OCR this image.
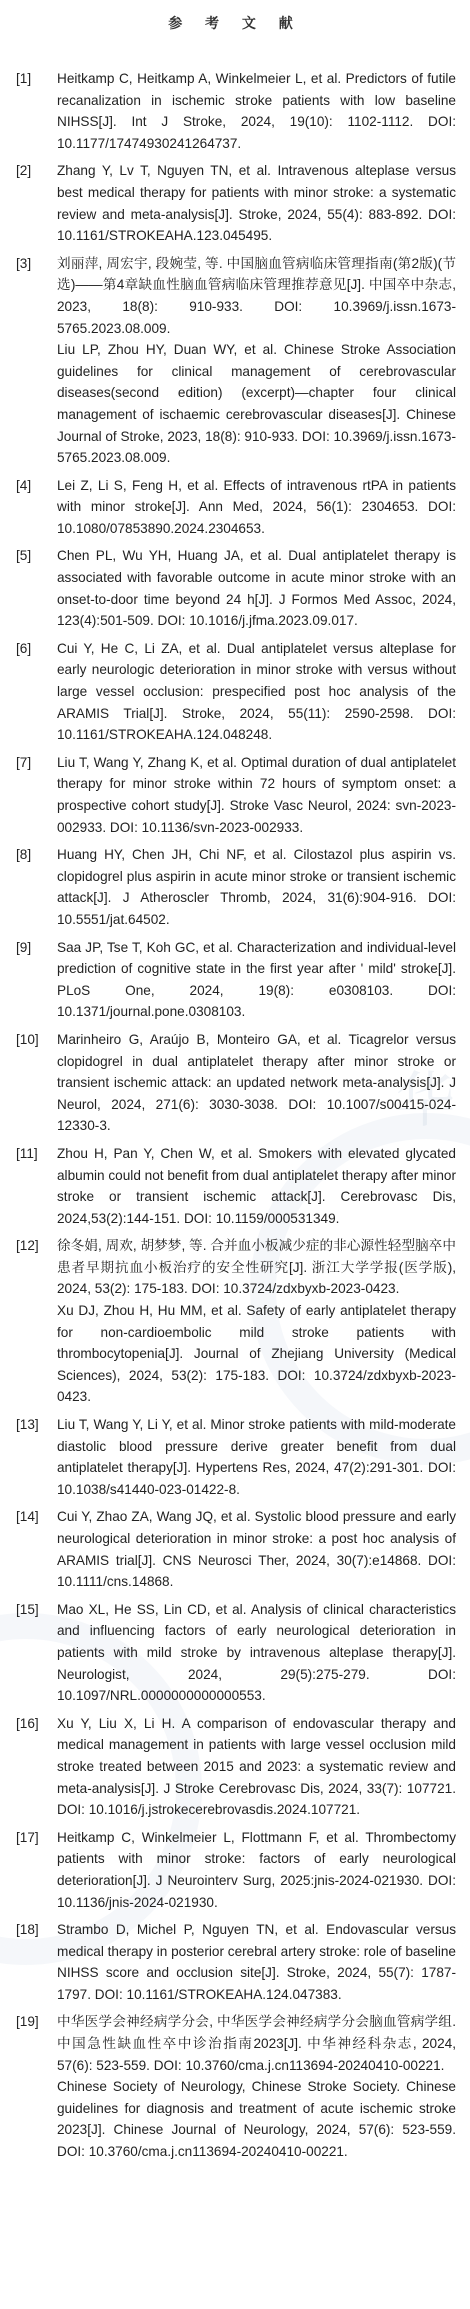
华
参 考 文 献
[1]	Heitkamp C, Heitkamp A, Winkelmeier L, et al. Predictors of futile recanalization in ischemic stroke patients with low baseline NIHSS[J]. Int J Stroke, 2024, 19(10): 1102-1112. DOI: 10.1177/17474930241264737.
[2]	Zhang Y, Lv T, Nguyen TN, et al. Intravenous alteplase versus best medical therapy for patients with minor stroke: a systematic review and meta-analysis[J]. Stroke, 2024, 55(4): 883-892. DOI: 10.1161/STROKEAHA.123.045495.
[3]	刘丽萍, 周宏宇, 段婉莹, 等. 中国脑血管病临床管理指南(第2版)(节选)——第4章缺血性脑血管病临床管理推荐意见[J]. 中国卒中杂志, 2023, 18(8): 910-933. DOI: 10.3969/j.issn.1673-5765.2023.08.009.
Liu LP, Zhou HY, Duan WY, et al. Chinese Stroke Association guidelines for clinical management of cerebrovascular diseases(second edition) (excerpt)—chapter four clinical management of ischaemic cerebrovascular diseases[J]. Chinese Journal of Stroke, 2023, 18(8): 910-933. DOI: 10.3969/j.issn.1673-5765.2023.08.009.
[4]	Lei Z, Li S, Feng H, et al. Effects of intravenous rtPA in patients with minor stroke[J]. Ann Med, 2024, 56(1): 2304653. DOI: 10.1080/07853890.2024.2304653.
[5]	Chen PL, Wu YH, Huang JA, et al. Dual antiplatelet therapy is associated with favorable outcome in acute minor stroke with an onset-to-door time beyond 24 h[J]. J Formos Med Assoc, 2024, 123(4):501-509. DOI: 10.1016/j.jfma.2023.09.017.
[6]	Cui Y, He C, Li ZA, et al. Dual antiplatelet versus alteplase for early neurologic deterioration in minor stroke with versus without large vessel occlusion: prespecified post hoc analysis of the ARAMIS Trial[J]. Stroke, 2024, 55(11): 2590-2598. DOI: 10.1161/STROKEAHA.124.048248.
[7]	Liu T, Wang Y, Zhang K, et al. Optimal duration of dual antiplatelet therapy for minor stroke within 72 hours of symptom onset: a prospective cohort study[J]. Stroke Vasc Neurol, 2024: svn-2023-002933. DOI: 10.1136/svn-2023-002933.
[8]	Huang HY, Chen JH, Chi NF, et al. Cilostazol plus aspirin vs. clopidogrel plus aspirin in acute minor stroke or transient ischemic attack[J]. J Atheroscler Thromb, 2024, 31(6):904-916. DOI: 10.5551/jat.64502.
[9]	Saa JP, Tse T, Koh GC, et al. Characterization and individual-level prediction of cognitive state in the first year after ' mild' stroke[J]. PLoS One, 2024, 19(8): e0308103. DOI: 10.1371/journal.pone.0308103.
[10]	Marinheiro G, Araújo B, Monteiro GA, et al. Ticagrelor versus clopidogrel in dual antiplatelet therapy after minor stroke or transient ischemic attack: an updated network meta-analysis[J]. J Neurol, 2024, 271(6): 3030-3038. DOI: 10.1007/s00415-024-12330-3.
[11]	Zhou H, Pan Y, Chen W, et al. Smokers with elevated glycated albumin could not benefit from dual antiplatelet therapy after minor stroke or transient ischemic attack[J]. Cerebrovasc Dis, 2024,53(2):144-151. DOI: 10.1159/000531349.
[12]	徐冬娟, 周欢, 胡梦梦, 等. 合并血小板减少症的非心源性轻型脑卒中患者早期抗血小板治疗的安全性研究[J]. 浙江大学学报(医学版), 2024, 53(2): 175-183. DOI: 10.3724/zdxbyxb-2023-0423.
Xu DJ, Zhou H, Hu MM, et al. Safety of early antiplatelet therapy for non-cardioembolic mild stroke patients with thrombocytopenia[J]. Journal of Zhejiang University (Medical Sciences), 2024, 53(2): 175-183. DOI: 10.3724/zdxbyxb-2023-0423.
[13]	Liu T, Wang Y, Li Y, et al. Minor stroke patients with mild-moderate diastolic blood pressure derive greater benefit from dual antiplatelet therapy[J]. Hypertens Res, 2024, 47(2):291-301. DOI: 10.1038/s41440-023-01422-8.
[14]	Cui Y, Zhao ZA, Wang JQ, et al. Systolic blood pressure and early neurological deterioration in minor stroke: a post hoc analysis of ARAMIS trial[J]. CNS Neurosci Ther, 2024, 30(7):e14868. DOI: 10.1111/cns.14868.
[15]	Mao XL, He SS, Lin CD, et al. Analysis of clinical characteristics and influencing factors of early neurological deterioration in patients with mild stroke by intravenous alteplase therapy[J]. Neurologist, 2024, 29(5):275-279. DOI: 10.1097/NRL.0000000000000553.
[16]	Xu Y, Liu X, Li H. A comparison of endovascular therapy and medical management in patients with large vessel occlusion mild stroke treated between 2015 and 2023: a systematic review and meta-analysis[J]. J Stroke Cerebrovasc Dis, 2024, 33(7): 107721. DOI: 10.1016/j.jstrokecerebrovasdis.2024.107721.
[17]	Heitkamp C, Winkelmeier L, Flottmann F, et al. Thrombectomy patients with minor stroke: factors of early neurological deterioration[J]. J Neurointerv Surg, 2025:jnis-2024-021930. DOI: 10.1136/jnis-2024-021930.
[18]	Strambo D, Michel P, Nguyen TN, et al. Endovascular versus medical therapy in posterior cerebral artery stroke: role of baseline NIHSS score and occlusion site[J]. Stroke, 2024, 55(7): 1787-1797. DOI: 10.1161/STROKEAHA.124.047383.
[19]	中华医学会神经病学分会, 中华医学会神经病学分会脑血管病学组. 中国急性缺血性卒中诊治指南2023[J]. 中华神经科杂志, 2024, 57(6): 523-559. DOI: 10.3760/cma.j.cn113694-20240410-00221.
Chinese Society of Neurology, Chinese Stroke Society. Chinese guidelines for diagnosis and treatment of acute ischemic stroke 2023[J]. Chinese Journal of Neurology, 2024, 57(6): 523-559. DOI: 10.3760/cma.j.cn113694-20240410-00221.
